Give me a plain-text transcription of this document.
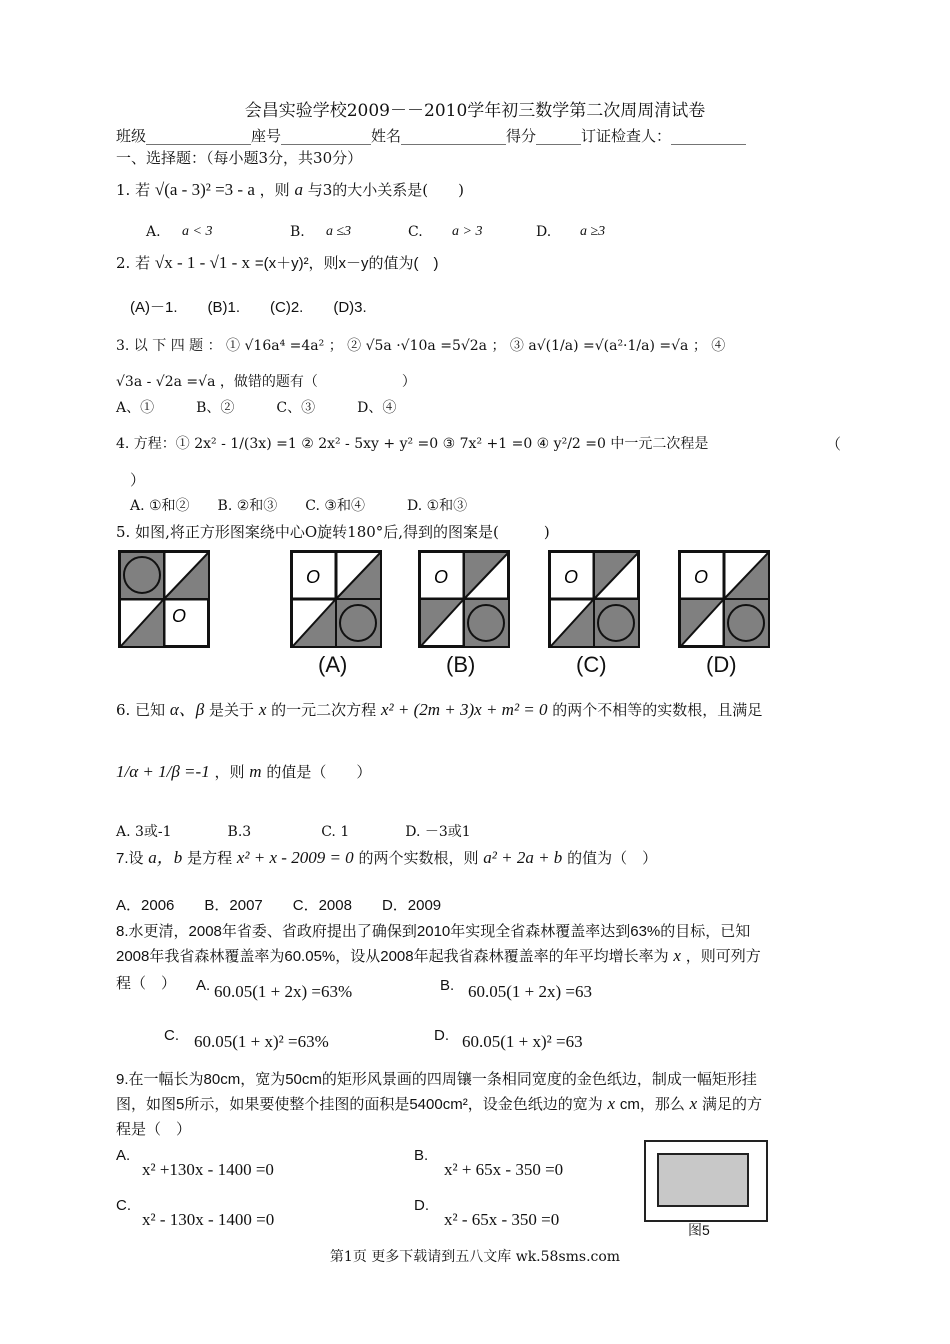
会昌实验学校2009－－2010学年初三数学第二次周周清试卷
班级______________座号____________姓名______________得分______订证检查人：__________
一、选择题：（每小题3分，共30分）
1. 若 √(a - 3)² =3 - a ，则 a 与3的大小关系是(　　)
A. a < 3	B. a ≤3	C. a > 3	D. a ≥3
2. 若 √x - 1 - √1 - x =(x＋y)²，则x－y的值为(　)
(A)－1.　　(B)1.　　(C)2.　　(D)3.
3. 以 下 四 题 ： ① √16a⁴ =4a² ； ② √5a ·√10a =5√2a ； ③ a√(1/a) =√(a²·1/a) =√a ； ④
√3a - √2a =√a ，做错的题有（　　　　　　）
A、①　　　B、②　　　C、③　　　D、④
4. 方程：① 2x² - 1/(3x) =1 ② 2x² - 5xy + y² =0 ③ 7x² +1 =0 ④ y²/2 =0 中一元二次程是	（
）
A. ①和②　　B. ②和③　　C. ③和④　　　D. ①和③
5. 如图,将正方形图案绕中心O旋转180°后,得到的图案是(　　　)
O
O	O	O	O
(A)	(B)	(C)	(D)
6. 已知 α、β 是关于 x 的一元二次方程 x² + (2m + 3)x + m² = 0 的两个不相等的实数根，且满足
1/α + 1/β =-1 ，则 m 的值是（　　）
A. 3或-1　　　　B.3　　　　　C. 1　　　　D. －3或1
7.设 a，b 是方程 x² + x - 2009 = 0 的两个实数根，则 a² + 2a + b 的值为（　）
A．2006　　B．2007　　C．2008　　D．2009
8.水更清，2008年省委、省政府提出了确保到2010年实现全省森林覆盖率达到63%的目标，已知
2008年我省森林覆盖率为60.05%，设从2008年起我省森林覆盖率的年平均增长率为 x ，则可列方
程（　） A. 60.05(1 + 2x) =63%	B. 60.05(1 + 2x) =63
C. 60.05(1 + x)² =63%	D. 60.05(1 + x)² =63
9.在一幅长为80cm，宽为50cm的矩形风景画的四周镶一条相同宽度的金色纸边，制成一幅矩形挂
图，如图5所示，如果要使整个挂图的面积是5400cm²，设金色纸边的宽为 x cm，那么 x 满足的方
程是（　）
A.
x² +130x - 1400 =0
B.
x² + 65x - 350 =0
C.
x² - 130x - 1400 =0
D.
x² - 65x - 350 =0
图5
第1页 更多下载请到五八文库 wk.58sms.com
